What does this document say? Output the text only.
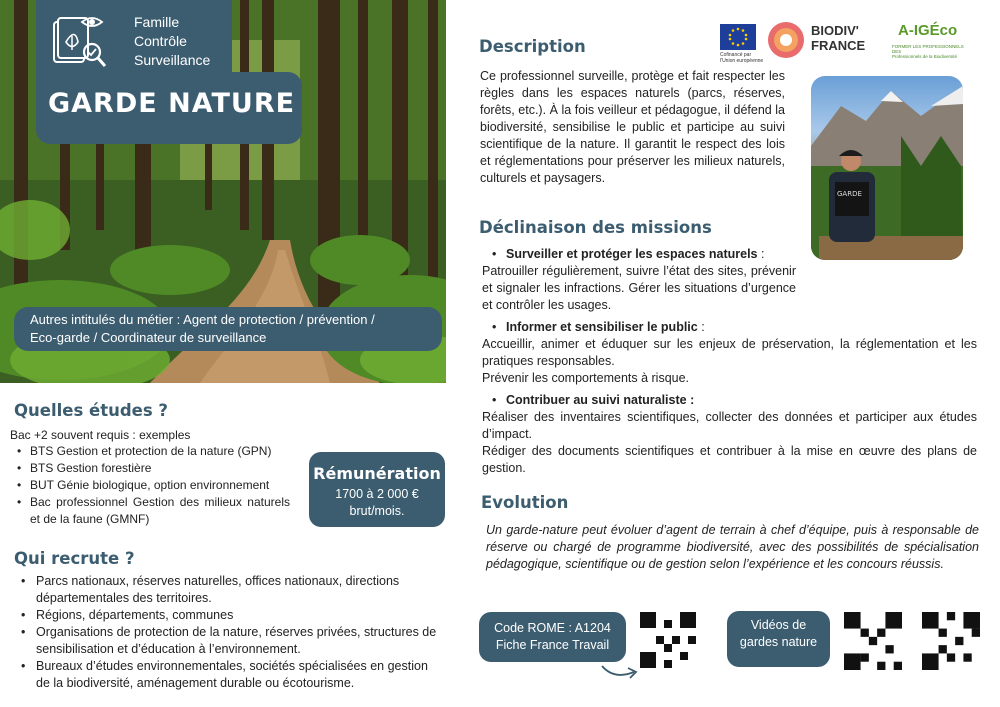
Famille
Contrôle
Surveillance
GARDE NATURE
Autres intitulés du métier : Agent de protection / prévention /
Eco-garde / Coordinateur de surveillance
Quelles études ?
Bac +2 souvent requis : exemples
• BTS Gestion et protection de la nature (GPN)
• BTS Gestion forestière
• BUT Génie biologique, option environnement
• Bac professionnel Gestion des milieux naturels et de la faune (GMNF)
Rémunération
1700 à 2 000 €
brut/mois.
Qui recrute ?
• Parcs nationaux, réserves naturelles, offices nationaux, directions départementales des territoires.
• Régions, départements, communes
• Organisations de protection de la nature, réserves privées, structures de sensibilisation et d’éducation à l’environnement.
• Bureaux d’études environnementales, sociétés spécialisées en gestion de la biodiversité, aménagement durable ou écotourisme.
Cofinancé par
l'Union européenne
BIODIV'
FRANCE
A-IGÉco
FORMER LES PROFESSIONNELS DES
Professionnels de la Biodiversité
Description
Ce professionnel surveille, protège et fait respecter les règles dans les espaces naturels (parcs, réserves, forêts, etc.). À la fois veilleur et pédagogue, il défend la biodiversité, sensibilise le public et participe au suivi scientifique de la nature. Il garantit le respect des lois et réglementations pour préserver les milieux naturels, culturels et paysagers.
GARDE
Déclinaison des missions
• Surveiller et protéger les espaces naturels :
Patrouiller régulièrement, suivre l’état des sites, prévenir et signaler les infractions. Gérer les situations d’urgence et contrôler les usages.
• Informer et sensibiliser le public :
Accueillir, animer et éduquer sur les enjeux de préservation, la réglementation et les pratiques responsables.
Prévenir les comportements à risque.
• Contribuer au suivi naturaliste :
Réaliser des inventaires scientifiques, collecter des données et participer aux études d’impact.
Rédiger des documents scientifiques et contribuer à la mise en œuvre des plans de gestion.
Evolution
Un garde-nature peut évoluer d’agent de terrain à chef d’équipe, puis à responsable de réserve ou chargé de programme biodiversité, avec des possibilités de spécialisation pédagogique, scientifique ou de gestion selon l’expérience et les concours réussis.
Code ROME : A1204
Fiche France Travail
Vidéos de
gardes nature
